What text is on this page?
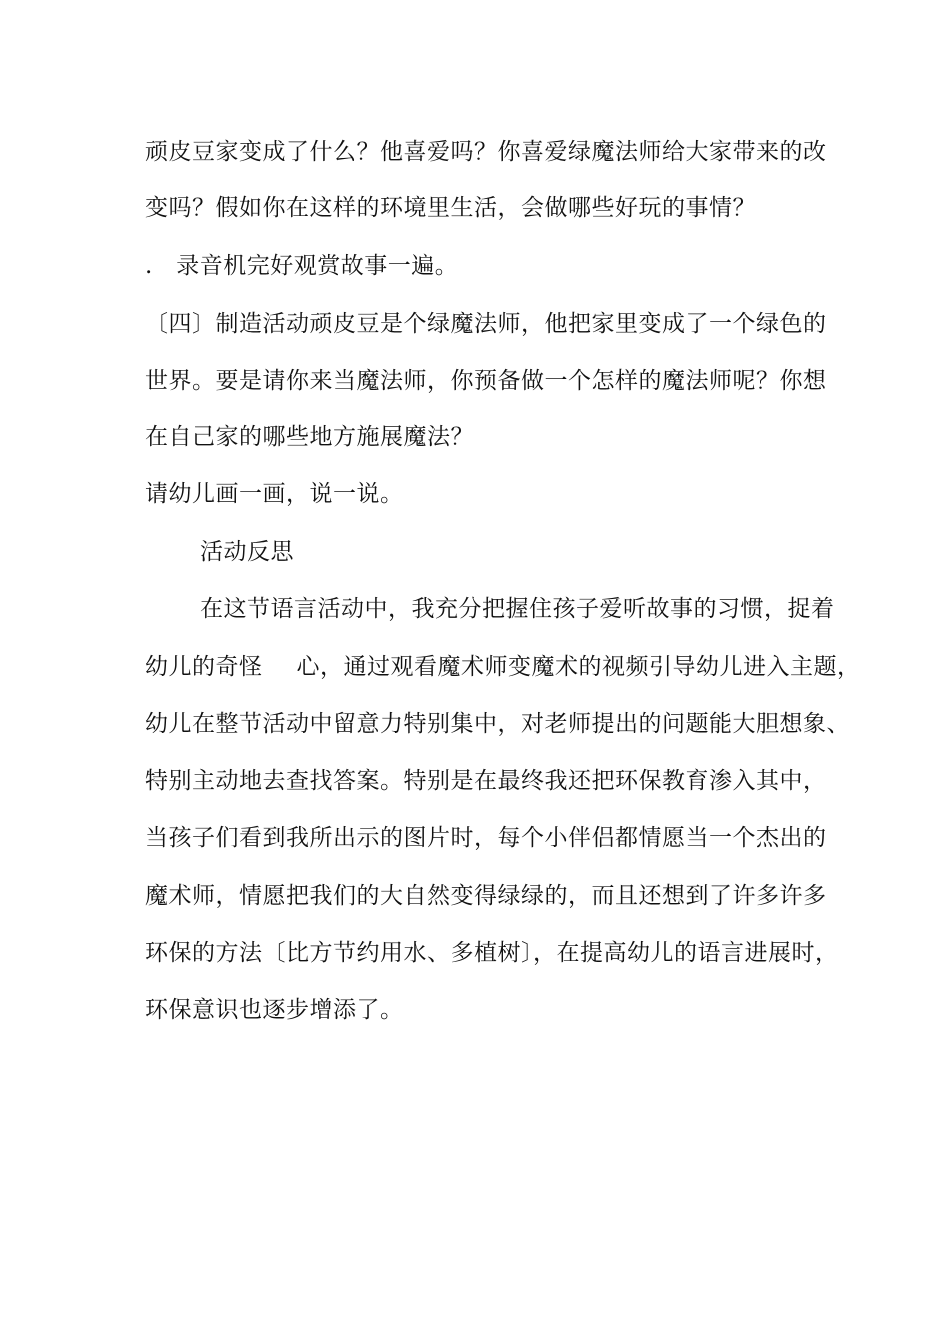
顽皮豆家变成了什么？他喜爱吗？你喜爱绿魔法师给大家带来的改
变吗？假如你在这样的环境里生活，会做哪些好玩的事情？
.　录音机完好观赏故事一遍。
〔四〕制造活动顽皮豆是个绿魔法师，他把家里变成了一个绿色的
世界。要是请你来当魔法师，你预备做一个怎样的魔法师呢？你想
在自己家的哪些地方施展魔法？
请幼儿画一画，说一说。
活动反思
在这节语言活动中，我充分把握住孩子爱听故事的习惯，捉着
幼儿的奇怪 心，通过观看魔术师变魔术的视频引导幼儿进入主题，
幼儿在整节活动中留意力特别集中，对老师提出的问题能大胆想象、
特别主动地去查找答案。特别是在最终我还把环保教育渗入其中，
当孩子们看到我所出示的图片时，每个小伴侣都情愿当一个杰出的
魔术师，情愿把我们的大自然变得绿绿的，而且还想到了许多许多
环保的方法〔比方节约用水、多植树〕，在提高幼儿的语言进展时，
环保意识也逐步增添了。
